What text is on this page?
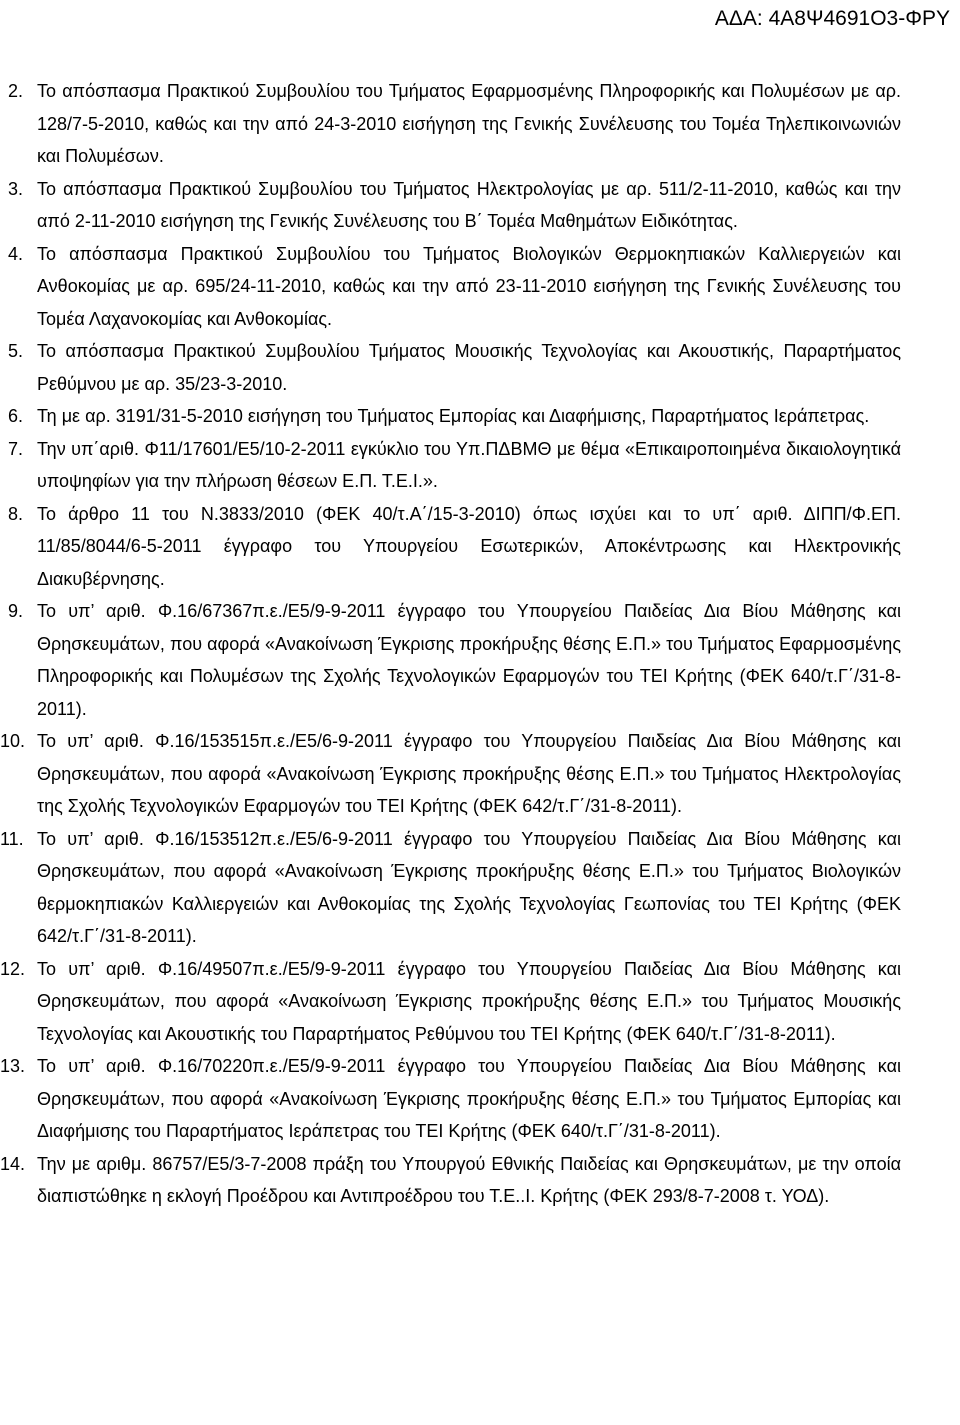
ΑΔΑ: 4Α8Ψ4691Ο3-ΦΡΥ
2. Το απόσπασμα Πρακτικού Συμβουλίου του Τμήματος Εφαρμοσμένης Πληροφορικής και Πολυμέσων με αρ. 128/7-5-2010, καθώς και την από 24-3-2010 εισήγηση της Γενικής Συνέλευσης του Τομέα Τηλεπικοινωνιών και Πολυμέσων.
3. Το απόσπασμα Πρακτικού Συμβουλίου του Τμήματος Ηλεκτρολογίας με αρ. 511/2-11-2010, καθώς και την από 2-11-2010 εισήγηση της Γενικής Συνέλευσης του Β΄ Τομέα Μαθημάτων Ειδικότητας.
4. Το απόσπασμα Πρακτικού Συμβουλίου του Τμήματος Βιολογικών Θερμοκηπιακών Καλλιεργειών και Ανθοκομίας με αρ. 695/24-11-2010, καθώς και την από 23-11-2010 εισήγηση της Γενικής Συνέλευσης του Τομέα Λαχανοκομίας και Ανθοκομίας.
5. Το απόσπασμα Πρακτικού Συμβουλίου Τμήματος Μουσικής Τεχνολογίας και Ακουστικής, Παραρτήματος Ρεθύμνου με αρ. 35/23-3-2010.
6. Τη με αρ. 3191/31-5-2010 εισήγηση του Τμήματος Εμπορίας και Διαφήμισης, Παραρτήματος Ιεράπετρας.
7. Την υπ΄αριθ. Φ11/17601/Ε5/10-2-2011 εγκύκλιο του Υπ.ΠΔΒΜΘ με θέμα «Επικαιροποιημένα δικαιολογητικά υποψηφίων για την πλήρωση θέσεων Ε.Π. Τ.Ε.Ι.».
8. Το άρθρο 11 του Ν.3833/2010 (ΦΕΚ 40/τ.Α΄/15-3-2010) όπως ισχύει και το υπ΄ αριθ. ΔΙΠΠ/Φ.ΕΠ. 11/85/8044/6-5-2011 έγγραφο του Υπουργείου Εσωτερικών, Αποκέντρωσης και Ηλεκτρονικής Διακυβέρνησης.
9. Το υπ’ αριθ. Φ.16/67367π.ε./Ε5/9-9-2011 έγγραφο του Υπουργείου Παιδείας Δια Βίου Μάθησης και Θρησκευμάτων, που αφορά «Ανακοίνωση Έγκρισης προκήρυξης θέσης Ε.Π.» του Τμήματος Εφαρμοσμένης Πληροφορικής και Πολυμέσων της Σχολής Τεχνολογικών Εφαρμογών του ΤΕΙ Κρήτης (ΦΕΚ 640/τ.Γ΄/31-8-2011).
10. Το υπ’ αριθ. Φ.16/153515π.ε./Ε5/6-9-2011 έγγραφο του Υπουργείου Παιδείας Δια Βίου Μάθησης και Θρησκευμάτων, που αφορά «Ανακοίνωση Έγκρισης προκήρυξης θέσης Ε.Π.» του Τμήματος Ηλεκτρολογίας της Σχολής Τεχνολογικών Εφαρμογών του ΤΕΙ Κρήτης (ΦΕΚ 642/τ.Γ΄/31-8-2011).
11. Το υπ’ αριθ. Φ.16/153512π.ε./Ε5/6-9-2011 έγγραφο του Υπουργείου Παιδείας Δια Βίου Μάθησης και Θρησκευμάτων, που αφορά «Ανακοίνωση Έγκρισης προκήρυξης θέσης Ε.Π.» του Τμήματος Βιολογικών θερμοκηπιακών Καλλιεργειών και Ανθοκομίας της Σχολής Τεχνολογίας Γεωπονίας του ΤΕΙ Κρήτης (ΦΕΚ 642/τ.Γ΄/31-8-2011).
12. Το υπ’ αριθ. Φ.16/49507π.ε./Ε5/9-9-2011 έγγραφο του Υπουργείου Παιδείας Δια Βίου Μάθησης και Θρησκευμάτων, που αφορά «Ανακοίνωση Έγκρισης προκήρυξης θέσης Ε.Π.» του Τμήματος Μουσικής Τεχνολογίας και Ακουστικής του Παραρτήματος Ρεθύμνου του ΤΕΙ Κρήτης (ΦΕΚ 640/τ.Γ΄/31-8-2011).
13. Το υπ’ αριθ. Φ.16/70220π.ε./Ε5/9-9-2011 έγγραφο του Υπουργείου Παιδείας Δια Βίου Μάθησης και Θρησκευμάτων, που αφορά «Ανακοίνωση Έγκρισης προκήρυξης θέσης Ε.Π.» του Τμήματος Εμπορίας και Διαφήμισης του Παραρτήματος Ιεράπετρας του ΤΕΙ Κρήτης (ΦΕΚ 640/τ.Γ΄/31-8-2011).
14. Την με αριθμ. 86757/Ε5/3-7-2008 πράξη του Υπουργού Εθνικής Παιδείας και Θρησκευμάτων, με την οποία διαπιστώθηκε η εκλογή Προέδρου και Αντιπροέδρου του Τ.Ε..Ι. Κρήτης (ΦΕΚ 293/8-7-2008 τ. ΥΟΔ).
